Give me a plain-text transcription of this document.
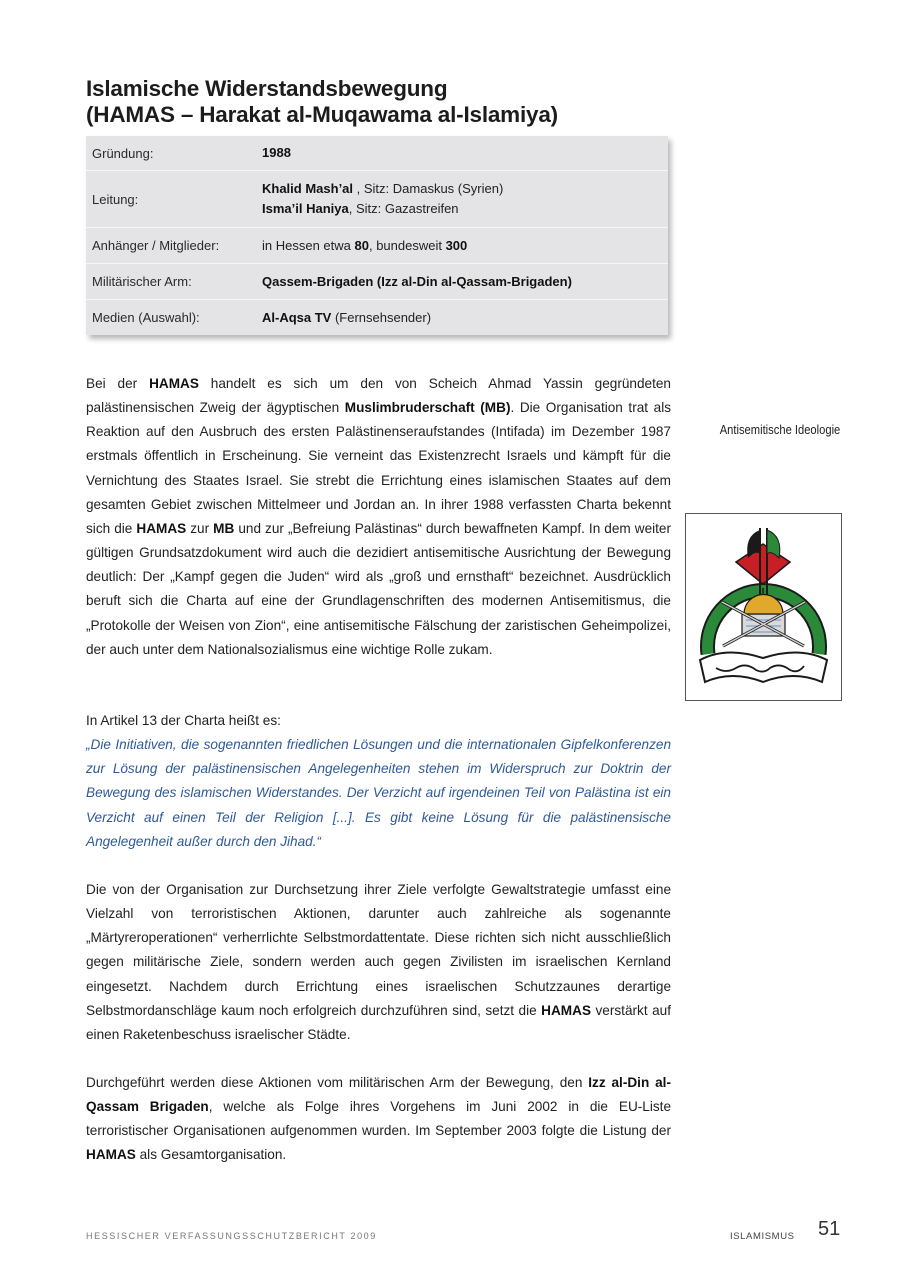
Islamische Widerstandsbewegung
(HAMAS – Harakat al-Muqawama al-Islamiya)
Gründung:	1988
Leitung:
Khalid Mash’al , Sitz: Damaskus (Syrien)
Isma’il Haniya, Sitz: Gazastreifen
Anhänger / Mitglieder:	in Hessen etwa 80, bundesweit 300
Militärischer Arm:	Qassem-Brigaden (Izz al-Din al-Qassam-Brigaden)
Medien (Auswahl):	Al-Aqsa TV (Fernsehsender)
Bei der HAMAS handelt es sich um den von Scheich Ahmad Yassin gegründeten palästinensischen Zweig der ägyptischen Muslimbruderschaft (MB). Die Organisation trat als Reaktion auf den Ausbruch des ersten Palästinenseraufstandes (Intifada) im Dezember 1987 erstmals öffentlich in Erscheinung. Sie verneint das Existenzrecht Israels und kämpft für die Vernichtung des Staates Israel. Sie strebt die Errichtung eines islamischen Staates auf dem gesamten Gebiet zwischen Mittelmeer und Jordan an. In ihrer 1988 verfassten Charta bekennt sich die HAMAS zur MB und zur „Befreiung Palästinas“ durch bewaffneten Kampf. In dem weiter gültigen Grundsatzdokument wird auch die dezidiert antisemitische Ausrichtung der Bewegung deutlich: Der „Kampf gegen die Juden“ wird als „groß und ernsthaft“ bezeichnet. Ausdrücklich beruft sich die Charta auf eine der Grundlagenschriften des modernen Antisemitismus, die „Protokolle der Weisen von Zion“, eine antisemitische Fälschung der zaristischen Geheimpolizei, der auch unter dem Nationalsozialismus eine wichtige Rolle zukam.
In Artikel 13 der Charta heißt es:
„Die Initiativen, die sogenannten friedlichen Lösungen und die internationalen Gipfelkonferenzen zur Lösung der palästinensischen Angelegenheiten stehen im Widerspruch zur Doktrin der Bewegung des islamischen Widerstandes. Der Verzicht auf irgendeinen Teil von Palästina ist ein Verzicht auf einen Teil der Religion [...]. Es gibt keine Lösung für die palästinensische Angelegenheit außer durch den Jihad.“
Die von der Organisation zur Durchsetzung ihrer Ziele verfolgte Gewaltstrategie umfasst eine Vielzahl von terroristischen Aktionen, darunter auch zahlreiche als sogenannte „Märtyreroperationen“ verherrlichte Selbstmordattentate. Diese richten sich nicht ausschließlich gegen militärische Ziele, sondern werden auch gegen Zivilisten im israelischen Kernland eingesetzt. Nachdem durch Errichtung eines israelischen Schutzzaunes derartige Selbstmordanschläge kaum noch erfolgreich durchzuführen sind, setzt die HAMAS verstärkt auf einen Raketenbeschuss israelischer Städte.
Durchgeführt werden diese Aktionen vom militärischen Arm der Bewegung, den Izz al-Din al-Qassam Brigaden, welche als Folge ihres Vorgehens im Juni 2002 in die EU-Liste terroristischer Organisationen aufgenommen wurden. Im September 2003 folgte die Listung der HAMAS als Gesamtorganisation.
Antisemitische Ideologie
HESSISCHER VERFASSUNGSSCHUTZBERICHT 2009	ISLAMISMUS 51
